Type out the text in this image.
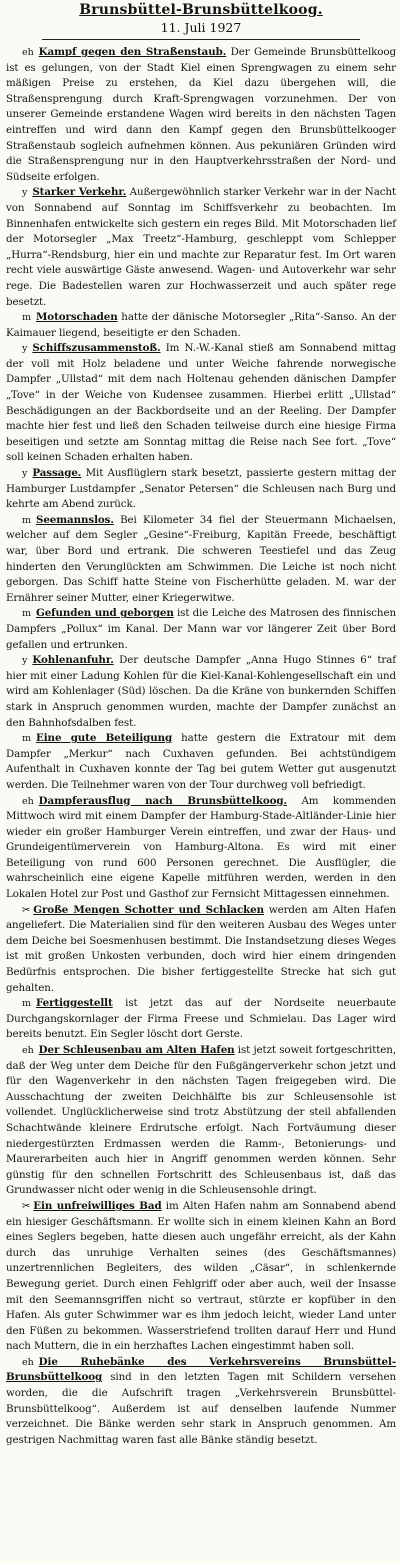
Brunsbüttel-Brunsbüttelkoog.
11. Juli 1927

eh Kampf gegen den Straßenstaub. Der Gemeinde Brunsbüttelkoog ist es gelungen, von der Stadt Kiel einen Sprengwagen zu einem sehr mäßigen Preise zu erstehen, da Kiel dazu übergehen will, die Straßensprengung durch Kraft-Sprengwagen vorzunehmen. Der von unserer Gemeinde erstandene Wagen wird bereits in den nächsten Tagen eintreffen und wird dann den Kampf gegen den Brunsbüttelkooger Straßenstaub sogleich aufnehmen können. Aus pekuniären Gründen wird die Straßensprengung nur in den Hauptverkehrsstraßen der Nord- und Südseite erfolgen.

y Starker Verkehr. Außergewöhnlich starker Verkehr war in der Nacht von Sonnabend auf Sonntag im Schiffsverkehr zu beobachten. Im Binnenhafen entwickelte sich gestern ein reges Bild. Mit Motorschaden lief der Motorsegler „Max Treetz“-Hamburg, geschleppt vom Schlepper „Hurra“-Rendsburg, hier ein und machte zur Reparatur fest. Im Ort waren recht viele auswärtige Gäste anwesend. Wagen- und Autoverkehr war sehr rege. Die Badestellen waren zur Hochwasserzeit und auch später rege besetzt.

m Motorschaden hatte der dänische Motorsegler „Rita“-Sanso. An der Kaimauer liegend, beseitigte er den Schaden.

y Schiffszusammenstoß. Im N.-W.-Kanal stieß am Sonnabend mittag der voll mit Holz beladene und unter Weiche fahrende norwegische Dampfer „Ullstad“ mit dem nach Holtenau gehenden dänischen Dampfer „Tove“ in der Weiche von Kudensee zusammen. Hierbei erlitt „Ullstad“ Beschädigungen an der Backbordseite und an der Reeling. Der Dampfer machte hier fest und ließ den Schaden teilweise durch eine hiesige Firma beseitigen und setzte am Sonntag mittag die Reise nach See fort. „Tove“ soll keinen Schaden erhalten haben.

y Passage. Mit Ausflüglern stark besetzt, passierte gestern mittag der Hamburger Lustdampfer „Senator Petersen“ die Schleusen nach Burg und kehrte am Abend zurück.

m Seemannslos. Bei Kilometer 34 fiel der Steuermann Michaelsen, welcher auf dem Segler „Gesine“-Freiburg, Kapitän Freede, beschäftigt war, über Bord und ertrank. Die schweren Teestiefel und das Zeug hinderten den Verunglückten am Schwimmen. Die Leiche ist noch nicht geborgen. Das Schiff hatte Steine von Fischerhütte geladen. M. war der Ernährer seiner Mutter, einer Kriegerwitwe.

m Gefunden und geborgen ist die Leiche des Matrosen des finnischen Dampfers „Pollux“ im Kanal. Der Mann war vor längerer Zeit über Bord gefallen und ertrunken.

y Kohlenanfuhr. Der deutsche Dampfer „Anna Hugo Stinnes 6“ traf hier mit einer Ladung Kohlen für die Kiel-Kanal-Kohlengesellschaft ein und wird am Kohlenlager (Süd) löschen. Da die Kräne von bunkernden Schiffen stark in Anspruch genommen wurden, machte der Dampfer zunächst an den Bahnhofsdalben fest.

m Eine gute Beteiligung hatte gestern die Extratour mit dem Dampfer „Merkur“ nach Cuxhaven gefunden. Bei achtstündigem Aufenthalt in Cuxhaven konnte der Tag bei gutem Wetter gut ausgenutzt werden. Die Teilnehmer waren von der Tour durchweg voll befriedigt.

eh Dampferausflug nach Brunsbüttelkoog. Am kommenden Mittwoch wird mit einem Dampfer der Hamburg-Stade-Altländer-Linie hier wieder ein großer Hamburger Verein eintreffen, und zwar der Haus- und Grundeigentümerverein von Hamburg-Altona. Es wird mit einer Beteiligung von rund 600 Personen gerechnet. Die Ausflügler, die wahrscheinlich eine eigene Kapelle mitführen werden, werden in den Lokalen Hotel zur Post und Gasthof zur Fernsicht Mittagessen einnehmen.

✂ Große Mengen Schotter und Schlacken werden am Alten Hafen angeliefert. Die Materialien sind für den weiteren Ausbau des Weges unter dem Deiche bei Soesmenhusen bestimmt. Die Instandsetzung dieses Weges ist mit großen Unkosten verbunden, doch wird hier einem dringenden Bedürfnis entsprochen. Die bisher fertiggestellte Strecke hat sich gut gehalten.

m Fertiggestellt ist jetzt das auf der Nordseite neuerbaute Durchgangskornlager der Firma Freese und Schmielau. Das Lager wird bereits benutzt. Ein Segler löscht dort Gerste.

eh Der Schleusenbau am Alten Hafen ist jetzt soweit fortgeschritten, daß der Weg unter dem Deiche für den Fußgängerverkehr schon jetzt und für den Wagenverkehr in den nächsten Tagen freigegeben wird. Die Ausschachtung der zweiten Deichhälfte bis zur Schleusensohle ist vollendet. Unglücklicherweise sind trotz Abstützung der steil abfallenden Schachtwände kleinere Erdrutsche erfolgt. Nach Fortväumung dieser niedergestürzten Erdmassen werden die Ramm-, Betonierungs- und Maurerarbeiten auch hier in Angriff genommen werden können. Sehr günstig für den schnellen Fortschritt des Schleusenbaus ist, daß das Grundwasser nicht oder wenig in die Schleusensohle dringt.

✂ Ein unfreiwilliges Bad im Alten Hafen nahm am Sonnabend abend ein hiesiger Geschäftsmann. Er wollte sich in einem kleinen Kahn an Bord eines Seglers begeben, hatte diesen auch ungefähr erreicht, als der Kahn durch das unruhige Verhalten seines (des Geschäftsmannes) unzertrennlichen Begleiters, des wilden „Cäsar“, in schlenkernde Bewegung geriet. Durch einen Fehlgriff oder aber auch, weil der Insasse mit den Seemannsgriffen nicht so vertraut, stürzte er kopfüber in den Hafen. Als guter Schwimmer war es ihm jedoch leicht, wieder Land unter den Füßen zu bekommen. Wasserstriefend trollten darauf Herr und Hund nach Muttern, die in ein herzhaftes Lachen eingestimmt haben soll.

eh Die Ruhebänke des Verkehrsvereins Brunsbüttel-Brunsbüttelkoog sind in den letzten Tagen mit Schildern versehen worden, die die Aufschrift tragen „Verkehrsverein Brunsbüttel-Brunsbüttelkoog“. Außerdem ist auf denselben laufende Nummer verzeichnet. Die Bänke werden sehr stark in Anspruch genommen. Am gestrigen Nachmittag waren fast alle Bänke ständig besetzt.
